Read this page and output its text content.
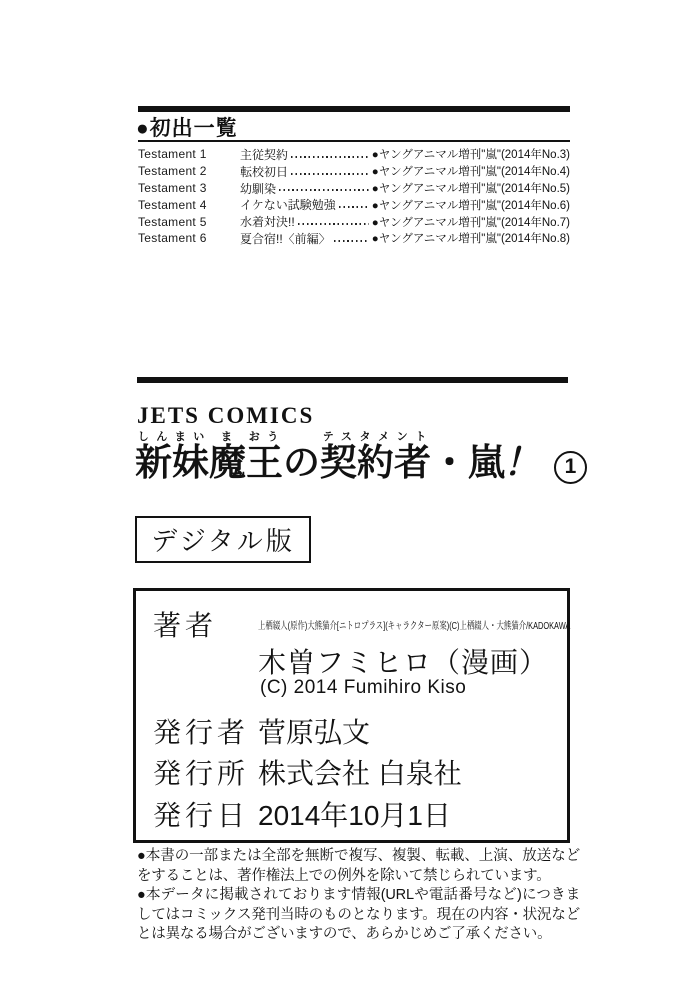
●初出一覧
Testament 1	主従契約	●ヤングアニマル増刊"嵐"(2014年No.3)
Testament 2	転校初日	●ヤングアニマル増刊"嵐"(2014年No.4)
Testament 3	幼馴染	●ヤングアニマル増刊"嵐"(2014年No.5)
Testament 4	イケない試験勉強	●ヤングアニマル増刊"嵐"(2014年No.6)
Testament 5	水着対決!!	●ヤングアニマル増刊"嵐"(2014年No.7)
Testament 6	夏合宿!!〈前編〉	●ヤングアニマル増刊"嵐"(2014年No.8)
JETS COMICS
新妹しんまい魔ま王おうの契約者テスタメント・嵐！ 1
デジタル版
著者	上栖綴人(原作)大熊猫介[ニトロプラス](キャラクター原案)(C)上栖綴人・大熊猫介/KADOKAWA
木曽フミヒロ（漫画）
(C) 2014 Fumihiro Kiso
発行者 菅原弘文
発行所 株式会社 白泉社
発行日 2014年10月1日

●本書の一部または全部を無断で複写、複製、転載、上演、放送などをすることは、著作権法上での例外を除いて禁じられています。

●本データに掲載されております情報(URLや電話番号など)につきましてはコミックス発刊当時のものとなります。現在の内容・状況などとは異なる場合がございますので、あらかじめご了承ください。
